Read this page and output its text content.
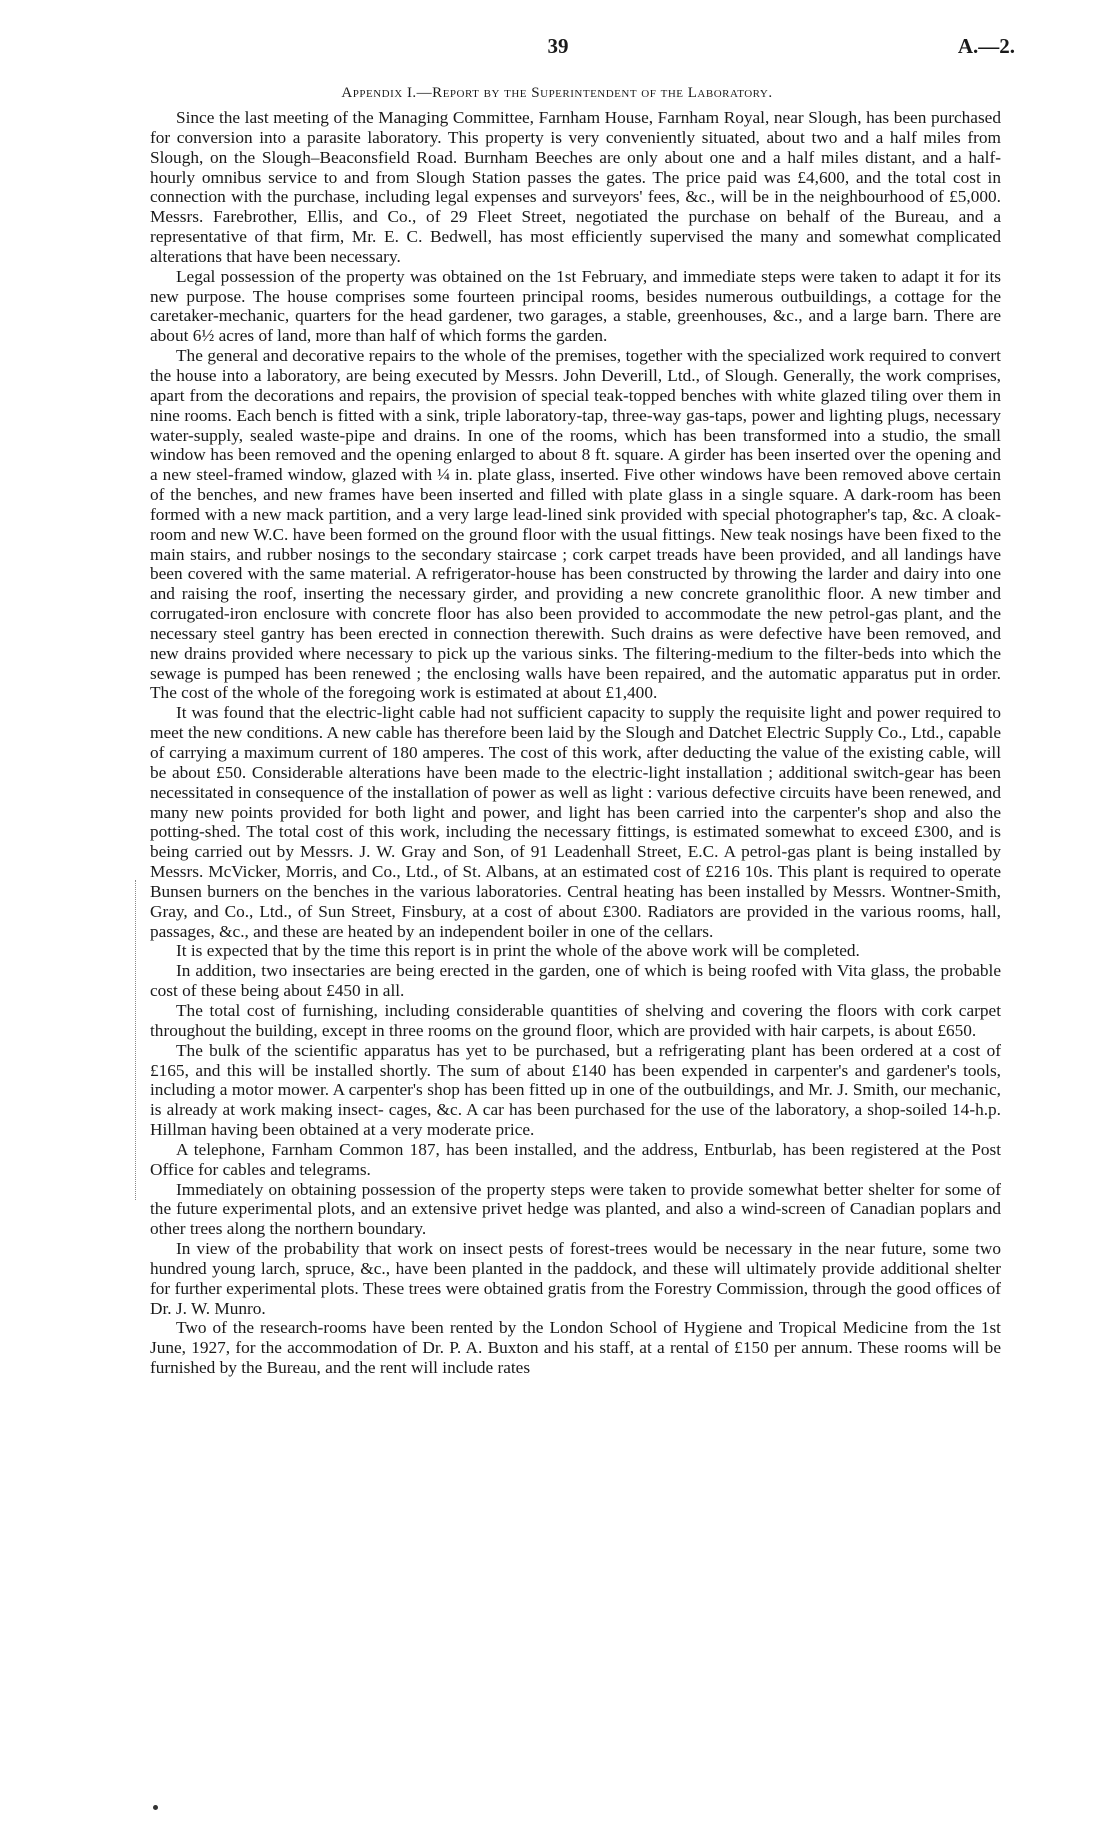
39	A.—2.
Appendix I.—Report by the Superintendent of the Laboratory.

Since the last meeting of the Managing Committee, Farnham House, Farnham Royal, near Slough, has been purchased for conversion into a parasite laboratory. This property is very conveniently situated, about two and a half miles from Slough, on the Slough–Beaconsfield Road. Burnham Beeches are only about one and a half miles distant, and a half-hourly omnibus service to and from Slough Station passes the gates. The price paid was £4,600, and the total cost in connection with the purchase, including legal expenses and surveyors' fees, &c., will be in the neighbourhood of £5,000. Messrs. Farebrother, Ellis, and Co., of 29 Fleet Street, negotiated the purchase on behalf of the Bureau, and a representative of that firm, Mr. E. C. Bedwell, has most efficiently supervised the many and somewhat complicated alterations that have been necessary.

Legal possession of the property was obtained on the 1st February, and immediate steps were taken to adapt it for its new purpose. The house comprises some fourteen principal rooms, besides numerous outbuildings, a cottage for the caretaker-mechanic, quarters for the head gardener, two garages, a stable, greenhouses, &c., and a large barn. There are about 6½ acres of land, more than half of which forms the garden.

The general and decorative repairs to the whole of the premises, together with the specialized work required to convert the house into a laboratory, are being executed by Messrs. John Deverill, Ltd., of Slough. Generally, the work comprises, apart from the decorations and repairs, the provision of special teak-topped benches with white glazed tiling over them in nine rooms. Each bench is fitted with a sink, triple laboratory-tap, three-way gas-taps, power and lighting plugs, necessary water-supply, sealed waste-pipe and drains. In one of the rooms, which has been transformed into a studio, the small window has been removed and the opening enlarged to about 8 ft. square. A girder has been inserted over the opening and a new steel-framed window, glazed with ¼ in. plate glass, inserted. Five other windows have been removed above certain of the benches, and new frames have been inserted and filled with plate glass in a single square. A dark-room has been formed with a new mack partition, and a very large lead-lined sink provided with special photographer's tap, &c. A cloak-room and new W.C. have been formed on the ground floor with the usual fittings. New teak nosings have been fixed to the main stairs, and rubber nosings to the secondary staircase ; cork carpet treads have been provided, and all landings have been covered with the same material. A refrigerator-house has been constructed by throwing the larder and dairy into one and raising the roof, inserting the necessary girder, and providing a new concrete granolithic floor. A new timber and corrugated-iron enclosure with concrete floor has also been provided to accommodate the new petrol-gas plant, and the necessary steel gantry has been erected in connection therewith. Such drains as were defective have been removed, and new drains provided where necessary to pick up the various sinks. The filtering-medium to the filter-beds into which the sewage is pumped has been renewed ; the enclosing walls have been repaired, and the automatic apparatus put in order. The cost of the whole of the foregoing work is estimated at about £1,400.

It was found that the electric-light cable had not sufficient capacity to supply the requisite light and power required to meet the new conditions. A new cable has therefore been laid by the Slough and Datchet Electric Supply Co., Ltd., capable of carrying a maximum current of 180 amperes. The cost of this work, after deducting the value of the existing cable, will be about £50. Considerable alterations have been made to the electric-light installation ; additional switch-gear has been necessitated in consequence of the installation of power as well as light : various defective circuits have been renewed, and many new points provided for both light and power, and light has been carried into the carpenter's shop and also the potting-shed. The total cost of this work, including the necessary fittings, is estimated somewhat to exceed £300, and is being carried out by Messrs. J. W. Gray and Son, of 91 Leadenhall Street, E.C. A petrol-gas plant is being installed by Messrs. McVicker, Morris, and Co., Ltd., of St. Albans, at an estimated cost of £216 10s. This plant is required to operate Bunsen burners on the benches in the various laboratories. Central heating has been installed by Messrs. Wontner-Smith, Gray, and Co., Ltd., of Sun Street, Finsbury, at a cost of about £300. Radiators are provided in the various rooms, hall, passages, &c., and these are heated by an independent boiler in one of the cellars.

It is expected that by the time this report is in print the whole of the above work will be completed.

In addition, two insectaries are being erected in the garden, one of which is being roofed with Vita glass, the probable cost of these being about £450 in all.

The total cost of furnishing, including considerable quantities of shelving and covering the floors with cork carpet throughout the building, except in three rooms on the ground floor, which are provided with hair carpets, is about £650.

The bulk of the scientific apparatus has yet to be purchased, but a refrigerating plant has been ordered at a cost of £165, and this will be installed shortly. The sum of about £140 has been expended in carpenter's and gardener's tools, including a motor mower. A carpenter's shop has been fitted up in one of the outbuildings, and Mr. J. Smith, our mechanic, is already at work making insect- cages, &c. A car has been purchased for the use of the laboratory, a shop-soiled 14-h.p. Hillman having been obtained at a very moderate price.

A telephone, Farnham Common 187, has been installed, and the address, Entburlab, has been registered at the Post Office for cables and telegrams.

Immediately on obtaining possession of the property steps were taken to provide somewhat better shelter for some of the future experimental plots, and an extensive privet hedge was planted, and also a wind-screen of Canadian poplars and other trees along the northern boundary.

In view of the probability that work on insect pests of forest-trees would be necessary in the near future, some two hundred young larch, spruce, &c., have been planted in the paddock, and these will ultimately provide additional shelter for further experimental plots. These trees were obtained gratis from the Forestry Commission, through the good offices of Dr. J. W. Munro.

Two of the research-rooms have been rented by the London School of Hygiene and Tropical Medicine from the 1st June, 1927, for the accommodation of Dr. P. A. Buxton and his staff, at a rental of £150 per annum. These rooms will be furnished by the Bureau, and the rent will include rates
